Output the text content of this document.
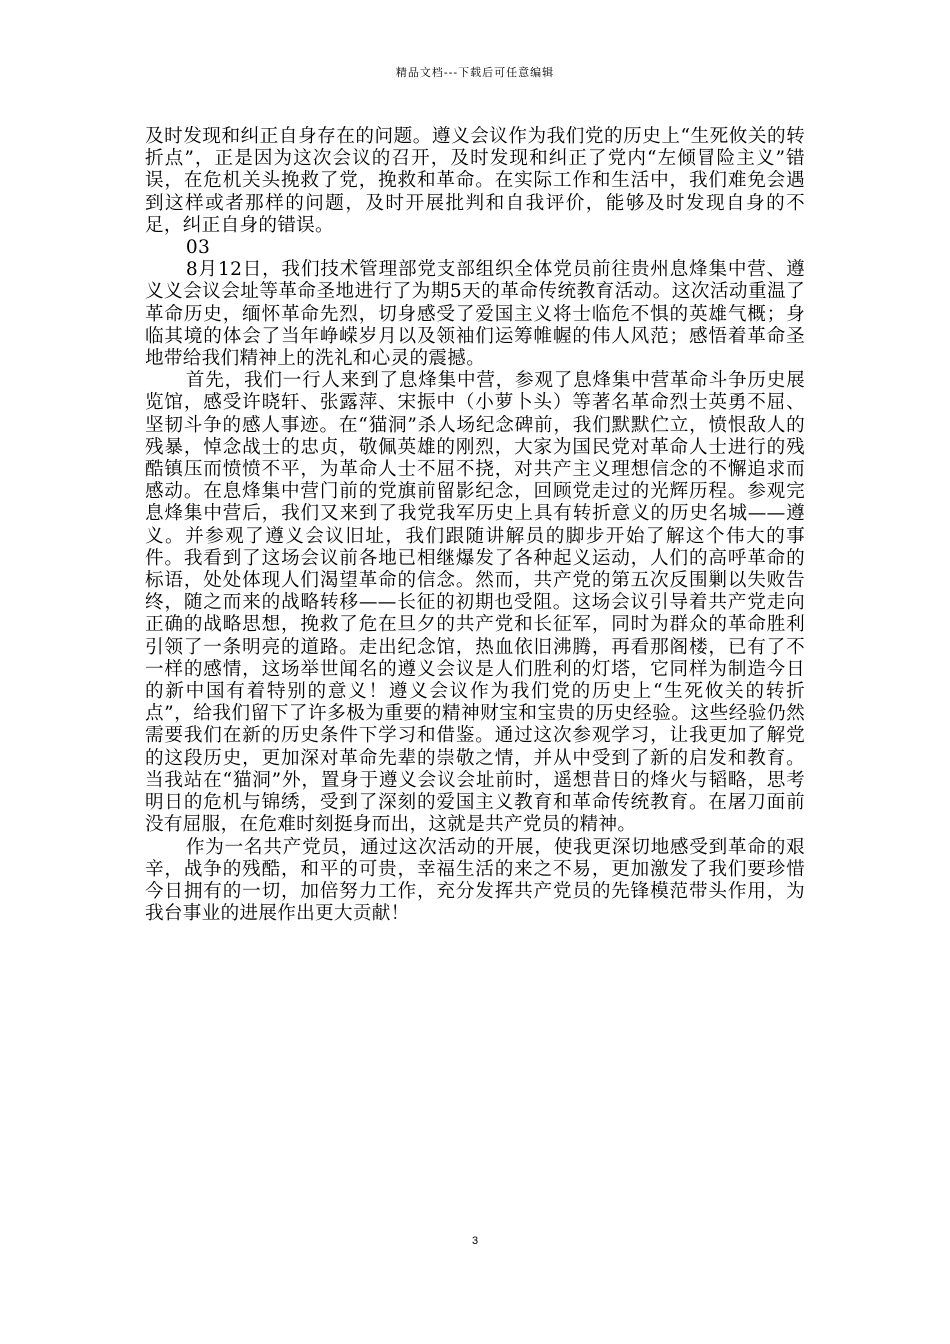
精品文档---下载后可任意编辑

及时发现和纠正自身存在的问题。遵义会议作为我们党的历史上“生死攸关的转折点”，正是因为这次会议的召开，及时发现和纠正了党内“左倾冒险主义”错误，在危机关头挽救了党，挽救和革命。在实际工作和生活中，我们难免会遇到这样或者那样的问题，及时开展批判和自我评价，能够及时发现自身的不足，纠正自身的错误。

03

8月12日，我们技术管理部党支部组织全体党员前往贵州息烽集中营、遵义义会议会址等革命圣地进行了为期5天的革命传统教育活动。这次活动重温了革命历史，缅怀革命先烈，切身感受了爱国主义将士临危不惧的英雄气概；身临其境的体会了当年峥嵘岁月以及领袖们运筹帷幄的伟人风范；感悟着革命圣地带给我们精神上的洗礼和心灵的震撼。

首先，我们一行人来到了息烽集中营，参观了息烽集中营革命斗争历史展览馆，感受许晓轩、张露萍、宋振中（小萝卜头）等著名革命烈士英勇不屈、坚韧斗争的感人事迹。在“猫洞”杀人场纪念碑前，我们默默伫立，愤恨敌人的残暴，悼念战士的忠贞，敬佩英雄的刚烈，大家为国民党对革命人士进行的残酷镇压而愤愤不平，为革命人士不屈不挠，对共产主义理想信念的不懈追求而感动。在息烽集中营门前的党旗前留影纪念，回顾党走过的光辉历程。参观完息烽集中营后，我们又来到了我党我军历史上具有转折意义的历史名城——遵义。并参观了遵义会议旧址，我们跟随讲解员的脚步开始了解这个伟大的事件。我看到了这场会议前各地已相继爆发了各种起义运动，人们的高呼革命的标语，处处体现人们渴望革命的信念。然而，共产党的第五次反围剿以失败告终，随之而来的战略转移——长征的初期也受阻。这场会议引导着共产党走向正确的战略思想，挽救了危在旦夕的共产党和长征军，同时为群众的革命胜利引领了一条明亮的道路。走出纪念馆，热血依旧沸腾，再看那阁楼，已有了不一样的感情，这场举世闻名的遵义会议是人们胜利的灯塔，它同样为制造今日的新中国有着特别的意义！遵义会议作为我们党的历史上“生死攸关的转折点”，给我们留下了许多极为重要的精神财宝和宝贵的历史经验。这些经验仍然需要我们在新的历史条件下学习和借鉴。通过这次参观学习，让我更加了解党的这段历史，更加深对革命先辈的崇敬之情，并从中受到了新的启发和教育。当我站在“猫洞”外，置身于遵义会议会址前时，遥想昔日的烽火与韬略，思考明日的危机与锦绣，受到了深刻的爱国主义教育和革命传统教育。在屠刀面前没有屈服，在危难时刻挺身而出，这就是共产党员的精神。

作为一名共产党员，通过这次活动的开展，使我更深切地感受到革命的艰辛，战争的残酷，和平的可贵，幸福生活的来之不易，更加激发了我们要珍惜今日拥有的一切，加倍努力工作，充分发挥共产党员的先锋模范带头作用，为我台事业的进展作出更大贡献！

3
